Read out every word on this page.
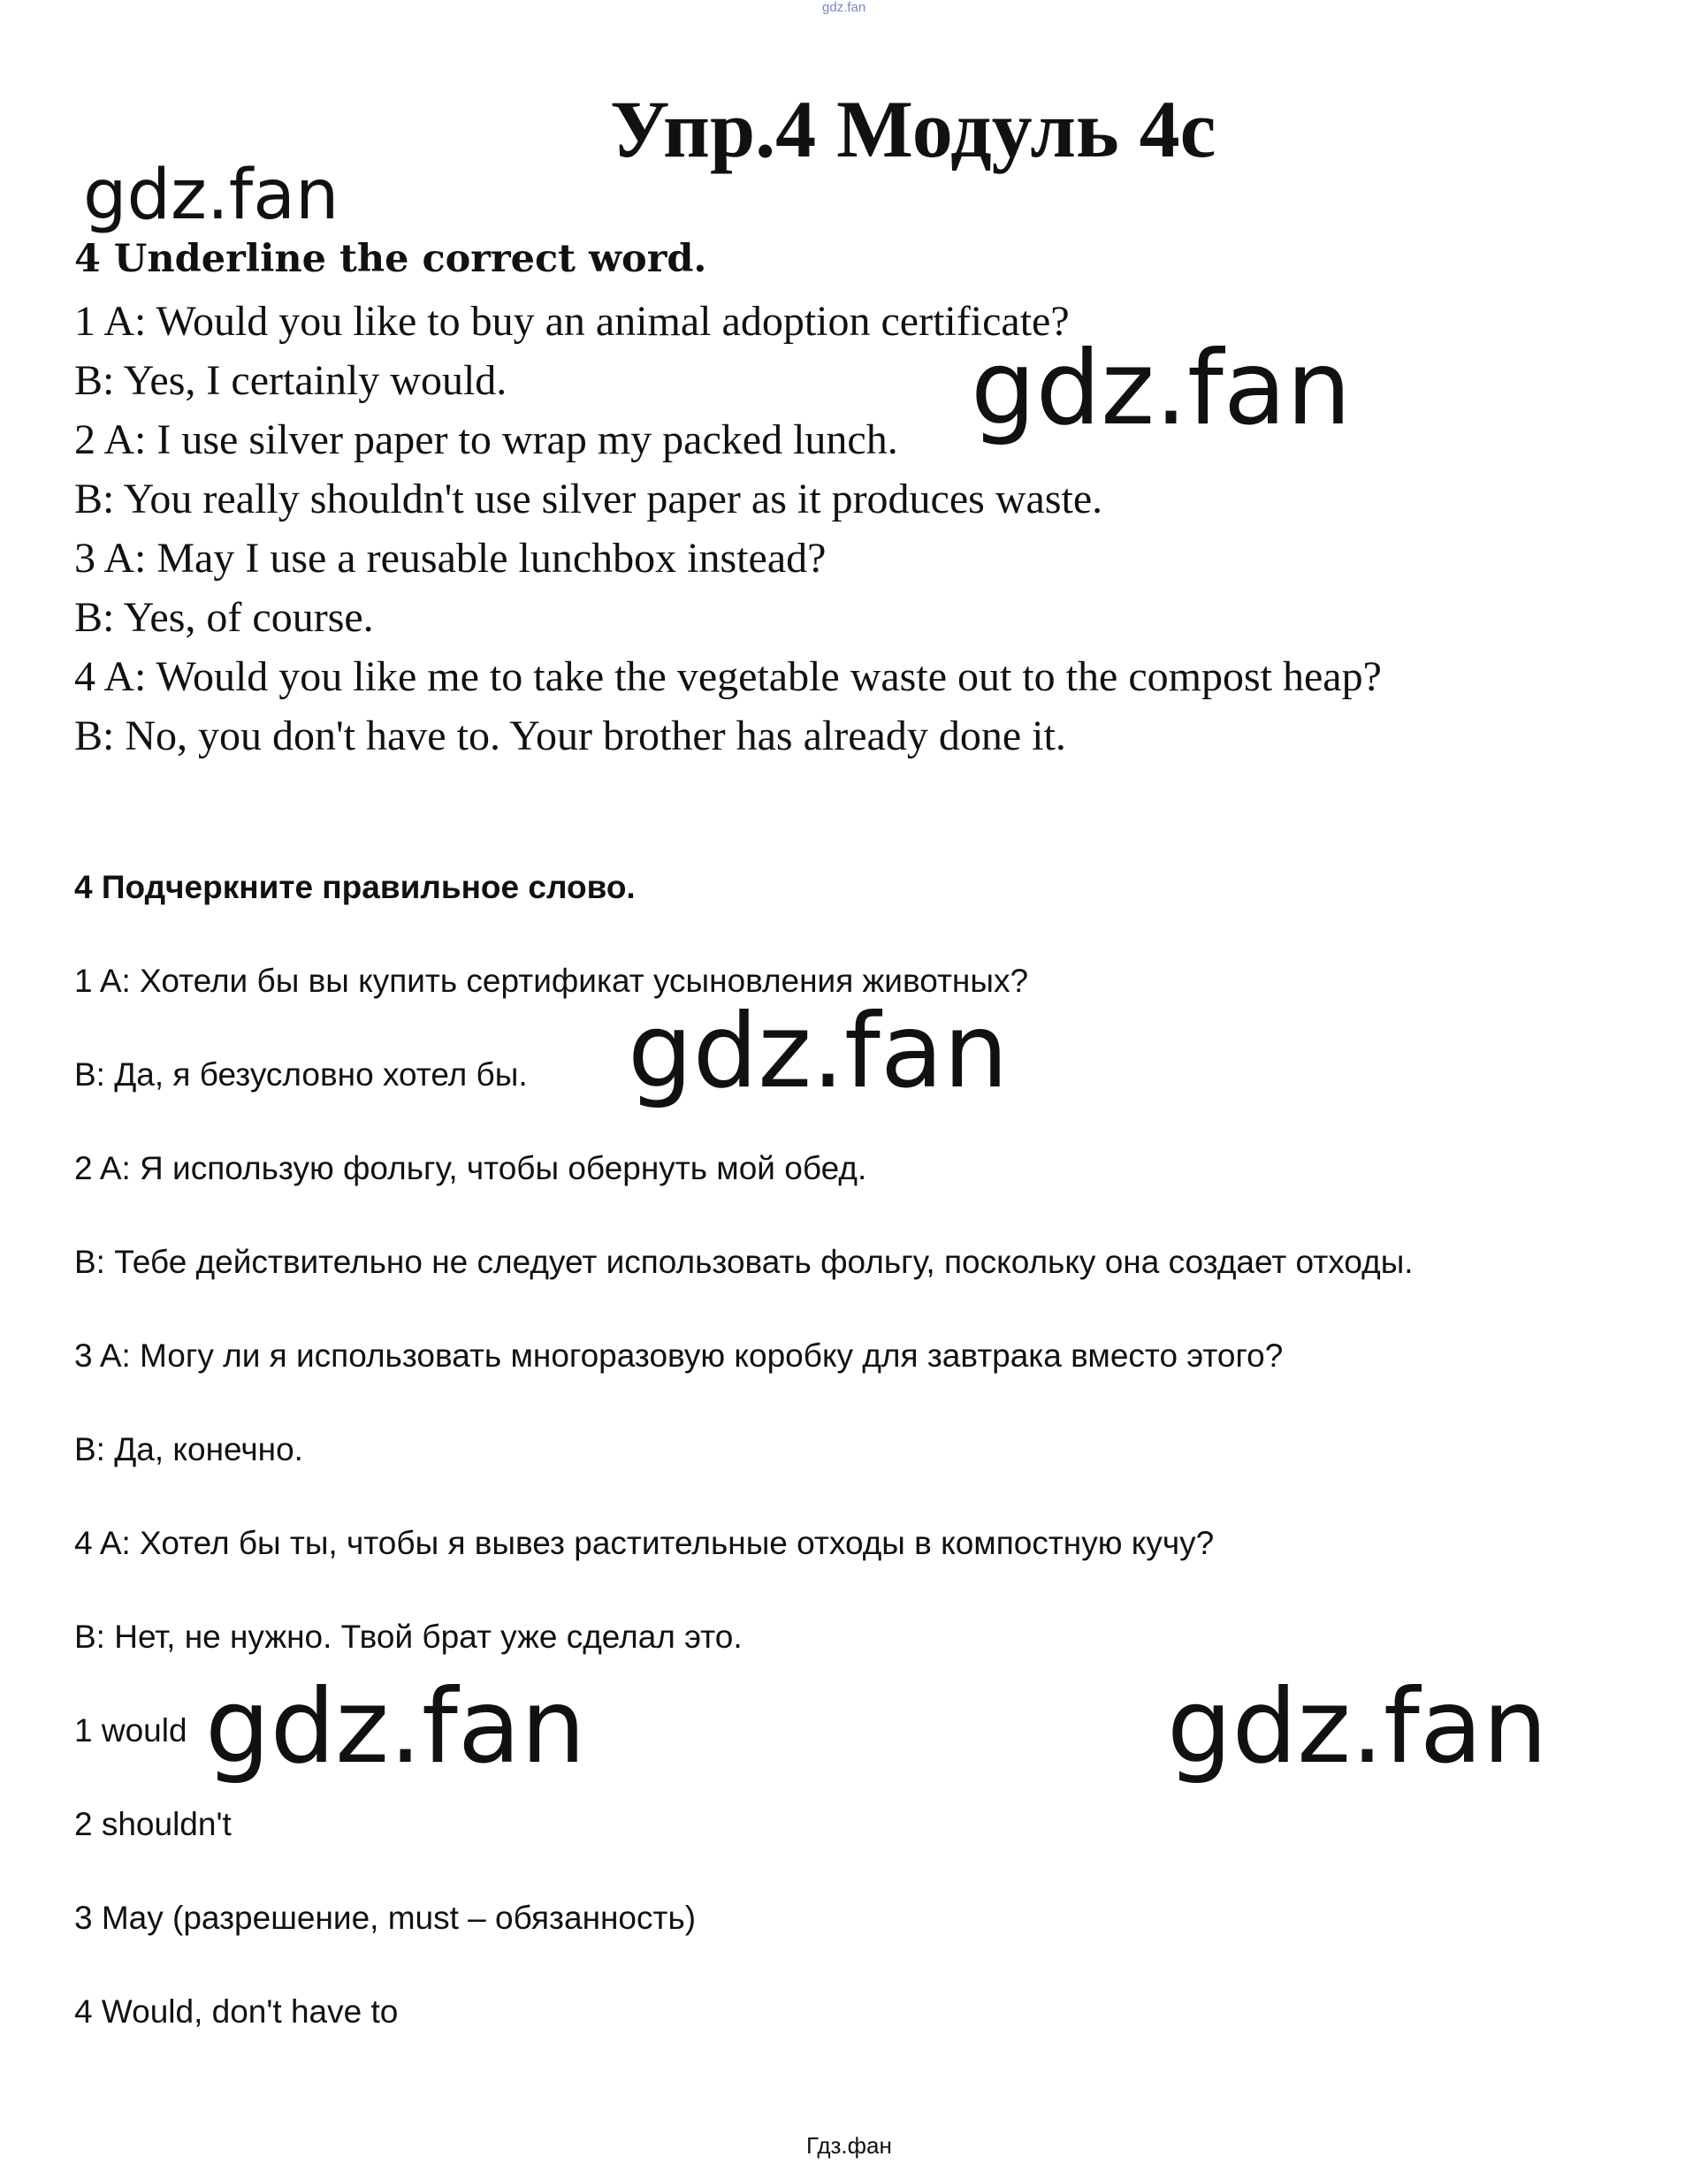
gdz.fan
Упр.4 Модуль 4с
gdz.fan
gdz.fan
gdz.fan
gdz.fan	gdz.fan
4 Underline the correct word.
1 A: Would you like to buy an animal adoption certificate?
B: Yes, I certainly would.
2 A: I use silver paper to wrap my packed lunch.
B: You really shouldn't use silver paper as it produces waste.
3 A: May I use a reusable lunchbox instead?
B: Yes, of course.
4 A: Would you like me to take the vegetable waste out to the compost heap?
B: No, you don't have to. Your brother has already done it.
4 Подчеркните правильное слово.
1 A: Хотели бы вы купить сертификат усыновления животных?
B: Да, я безусловно хотел бы.
2 A: Я использую фольгу, чтобы обернуть мой обед.
B: Тебе действительно не следует использовать фольгу, поскольку она создает отходы.
3 A: Могу ли я использовать многоразовую коробку для завтрака вместо этого?
B: Да, конечно.
4 A: Хотел бы ты, чтобы я вывез растительные отходы в компостную кучу?
B: Нет, не нужно. Твой брат уже сделал это.
1 would
2 shouldn't
3 May (разрешение, must – обязанность)
4 Would, don't have to
Гдз.фан
